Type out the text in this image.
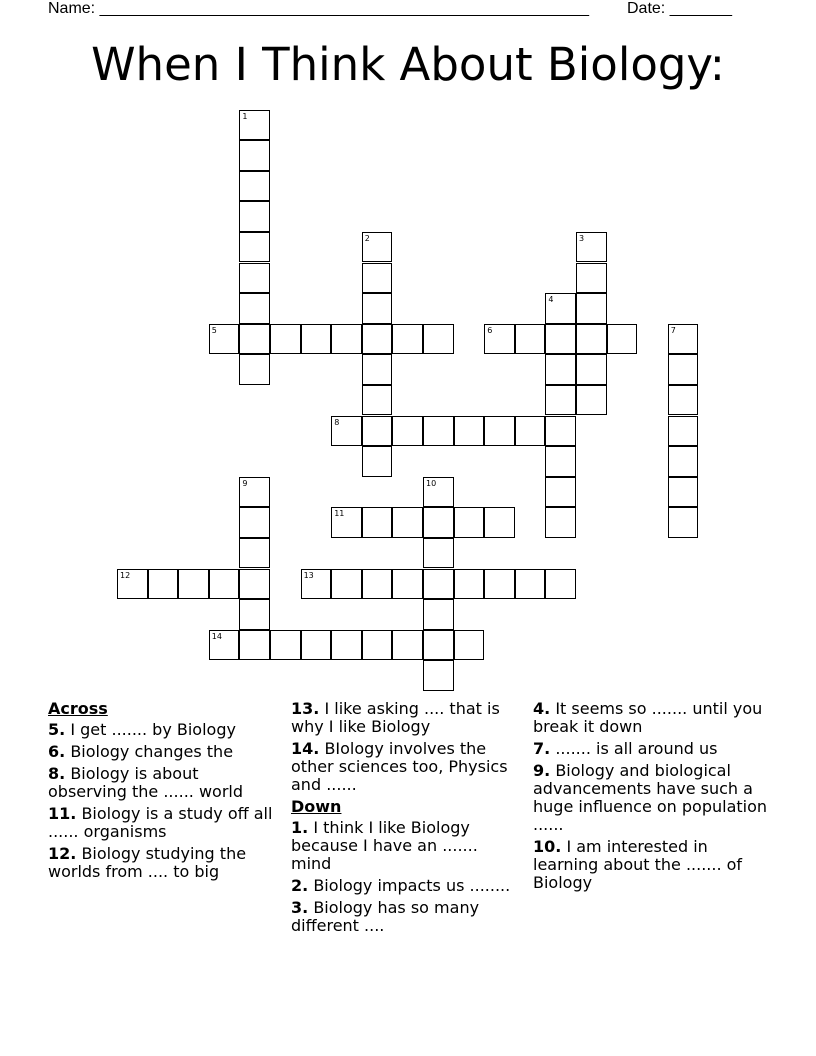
Name: _______________________________________________________ Date: _______
When I Think About Biology:
1
2	3
4
5	6	7
8
9	10
11
12	13
14
Across
5. I get ....... by Biology
6. Biology changes the
8. Biology is about observing the ...... world
11. Biology is a study off all ...... organisms
12. Biology studying the worlds from .... to big
13. I like asking .... that is why I like Biology
14. BIology involves the other sciences too, Physics and ......
Down
1. I think I like Biology because I have an ....... mind
2. Biology impacts us ........
3. Biology has so many different ....
4. It seems so ....... until you break it down
7. ....... is all around us
9. Biology and biological advancements have such a huge influence on population ......
10. I am interested in learning about the ....... of Biology
